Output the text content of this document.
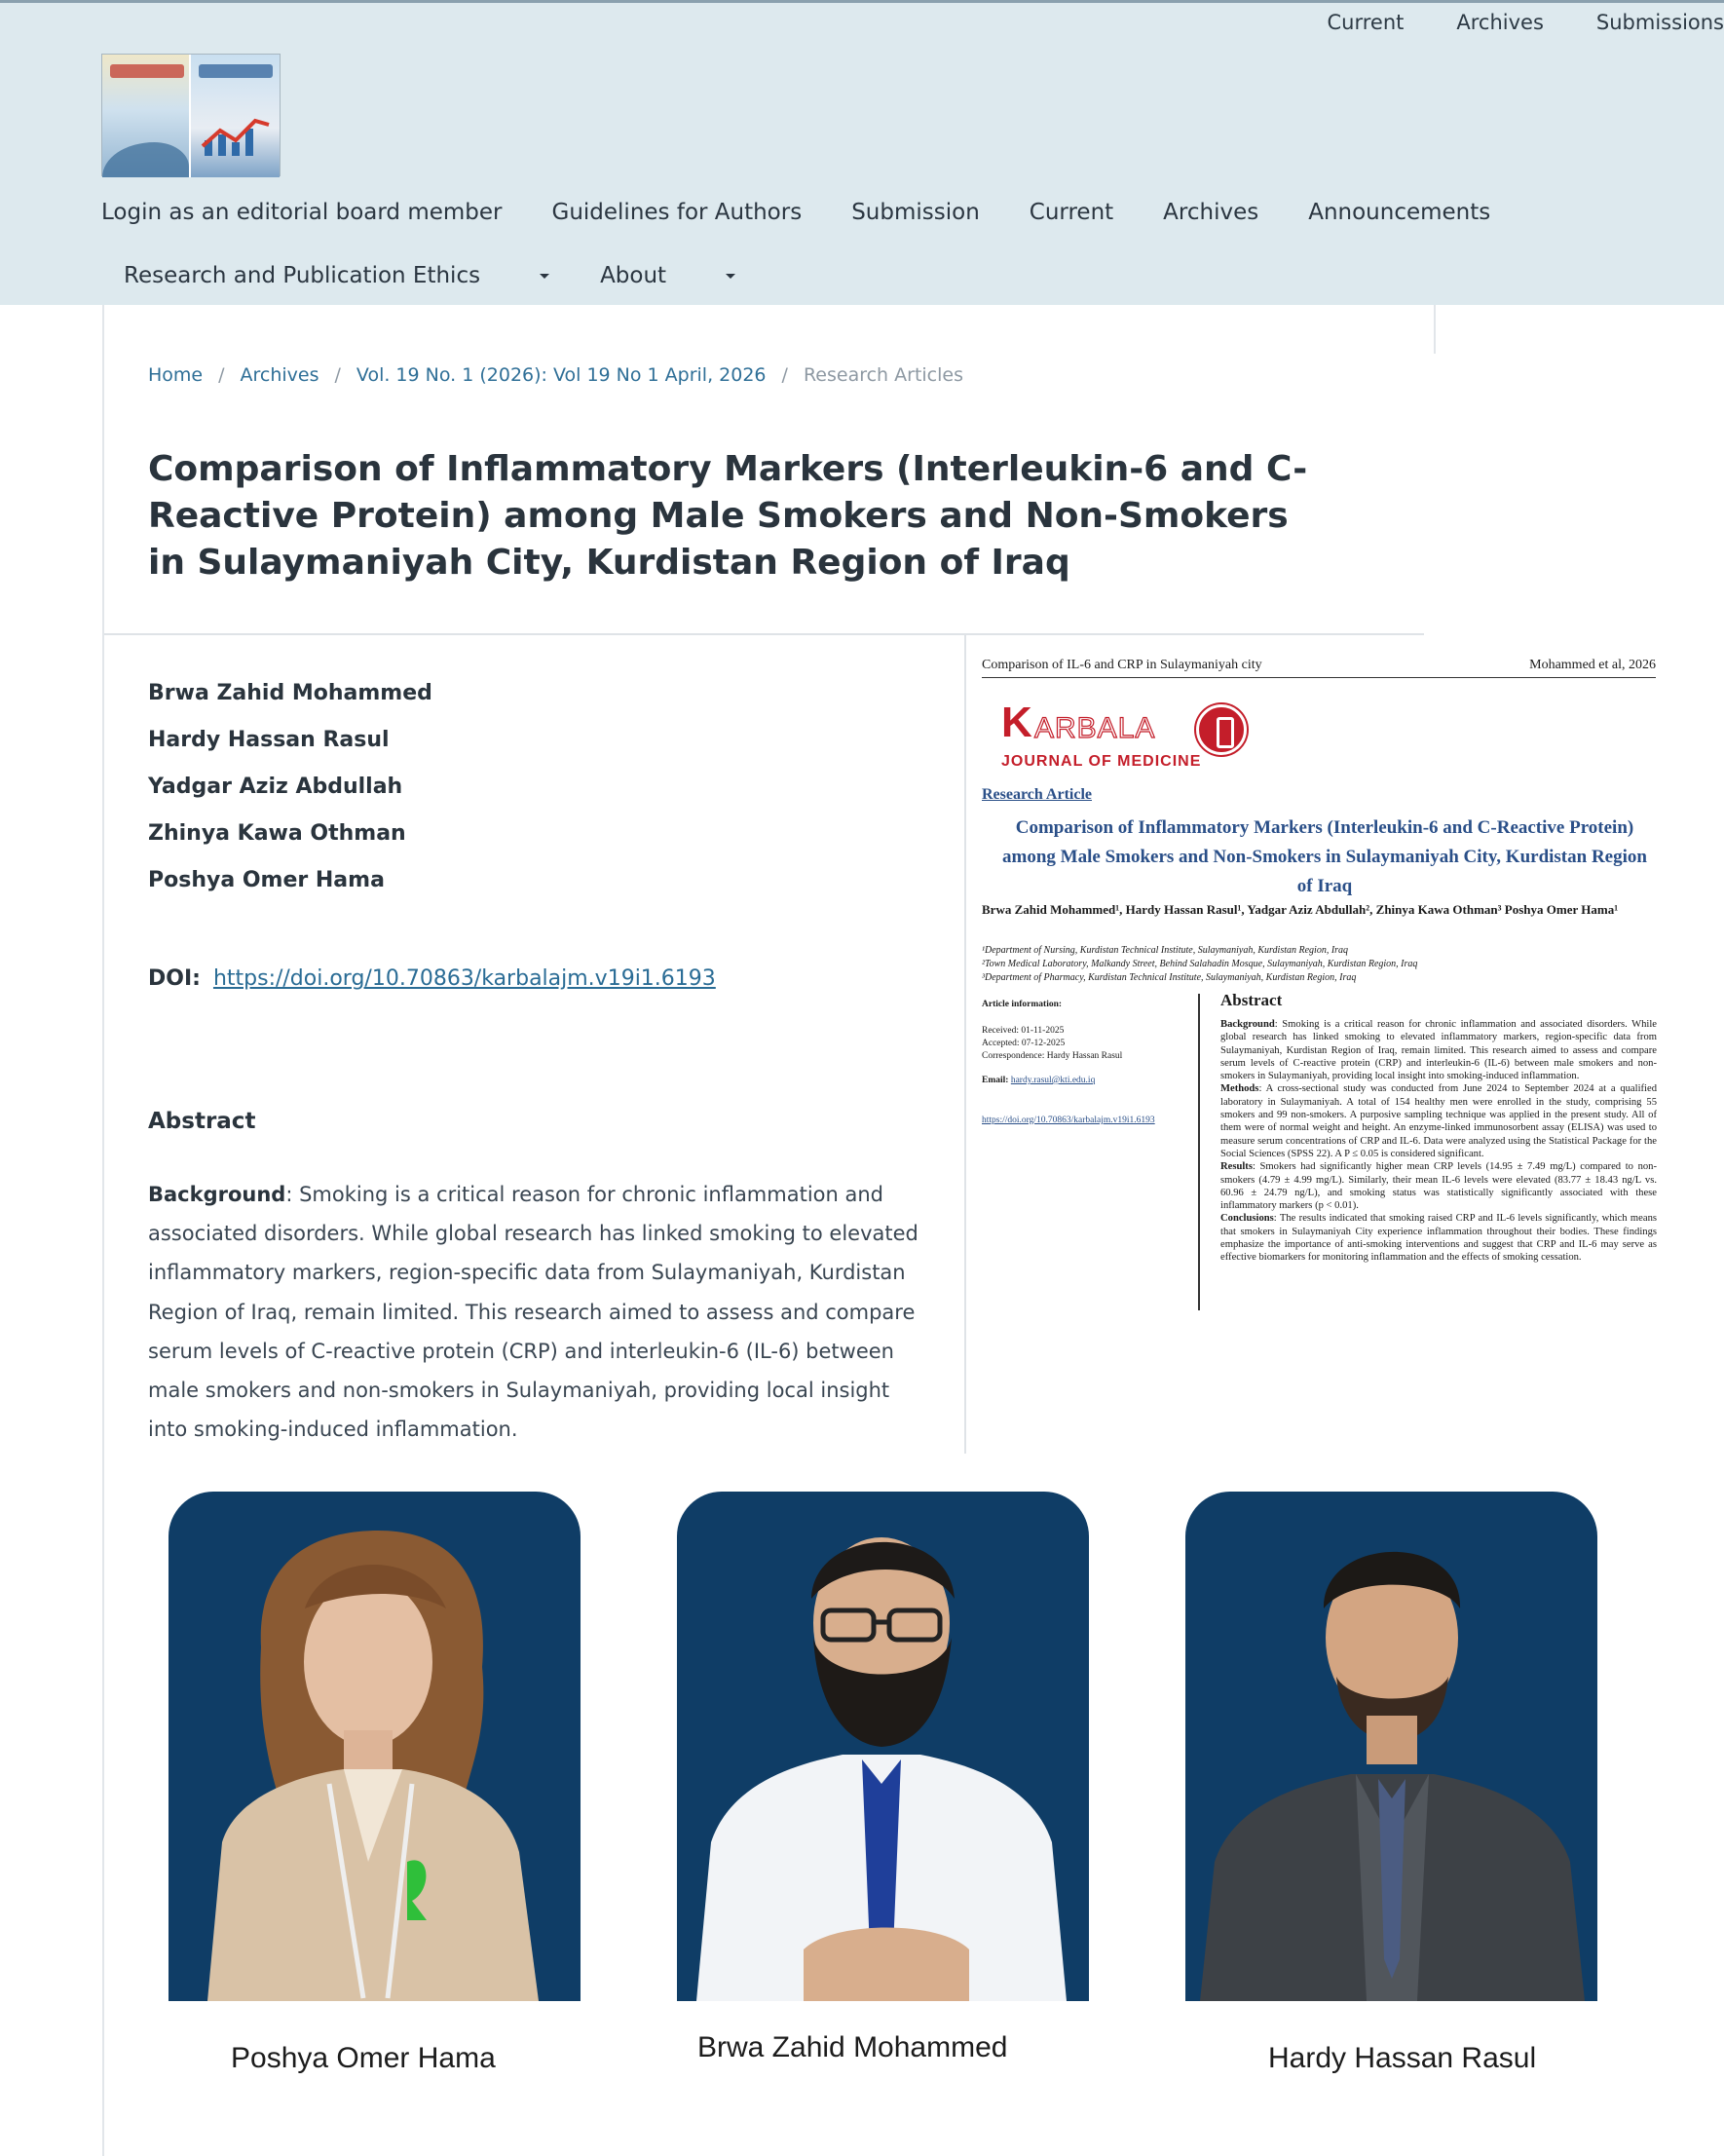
Current	Archives	Submissions
Login as an editorial board member Guidelines for Authors Submission Current Archives Announcements
Research and Publication Ethics	About
Home / Archives / Vol. 19 No. 1 (2026): Vol 19 No 1 April, 2026 / Research Articles
Comparison of Inflammatory Markers (Interleukin-6 and C-Reactive Protein) among Male Smokers and Non-Smokers in Sulaymaniyah City, Kurdistan Region of Iraq
Brwa Zahid Mohammed
Hardy Hassan Rasul
Yadgar Aziz Abdullah
Zhinya Kawa Othman
Poshya Omer Hama
DOI: https://doi.org/10.70863/karbalajm.v19i1.6193
Abstract

Background: Smoking is a critical reason for chronic inflammation and associated disorders. While global research has linked smoking to elevated inflammatory markers, region-specific data from Sulaymaniyah, Kurdistan Region of Iraq, remain limited. This research aimed to assess and compare serum levels of C-reactive protein (CRP) and interleukin-6 (IL-6) between male smokers and non-smokers in Sulaymaniyah, providing local insight into smoking-induced inflammation.

Comparison of IL-6 and CRP in Sulaymaniyah city	Mohammed et al, 2026
K ARBALA
JOURNAL OF MEDICINE
Research Article
Comparison of Inflammatory Markers (Interleukin-6 and C-Reactive Protein) among Male Smokers and Non-Smokers in Sulaymaniyah City, Kurdistan Region of Iraq
Brwa Zahid Mohammed¹, Hardy Hassan Rasul¹, Yadgar Aziz Abdullah², Zhinya Kawa Othman³ Poshya Omer Hama¹
¹Department of Nursing, Kurdistan Technical Institute, Sulaymaniyah, Kurdistan Region, Iraq
²Town Medical Laboratory, Malkandy Street, Behind Salahadin Mosque, Sulaymaniyah, Kurdistan Region, Iraq
³Department of Pharmacy, Kurdistan Technical Institute, Sulaymaniyah, Kurdistan Region, Iraq
Article information:
Received: 01-11-2025
Accepted: 07-12-2025
Correspondence: Hardy Hassan Rasul
Email: hardy.rasul@kti.edu.iq
https://doi.org/10.70863/karbalajm.v19i1.6193
Abstract
Background: Smoking is a critical reason for chronic inflammation and associated disorders. While global research has linked smoking to elevated inflammatory markers, region-specific data from Sulaymaniyah, Kurdistan Region of Iraq, remain limited. This research aimed to assess and compare serum levels of C-reactive protein (CRP) and interleukin-6 (IL-6) between male smokers and non-smokers in Sulaymaniyah, providing local insight into smoking-induced inflammation.
Methods: A cross-sectional study was conducted from June 2024 to September 2024 at a qualified laboratory in Sulaymaniyah. A total of 154 healthy men were enrolled in the study, comprising 55 smokers and 99 non-smokers. A purposive sampling technique was applied in the present study. All of them were of normal weight and height. An enzyme-linked immunosorbent assay (ELISA) was used to measure serum concentrations of CRP and IL-6. Data were analyzed using the Statistical Package for the Social Sciences (SPSS 22). A P ≤ 0.05 is considered significant.
Results: Smokers had significantly higher mean CRP levels (14.95 ± 7.49 mg/L) compared to non-smokers (4.79 ± 4.99 mg/L). Similarly, their mean IL-6 levels were elevated (83.77 ± 18.43 ng/L vs. 60.96 ± 24.79 ng/L), and smoking status was statistically significantly associated with these inflammatory markers (p < 0.01).
Conclusions: The results indicated that smoking raised CRP and IL-6 levels significantly, which means that smokers in Sulaymaniyah City experience inflammation throughout their bodies. These findings emphasize the importance of anti-smoking interventions and suggest that CRP and IL-6 may serve as effective biomarkers for monitoring inflammation and the effects of smoking cessation.
Poshya Omer Hama	Brwa Zahid Mohammed	Hardy Hassan Rasul
